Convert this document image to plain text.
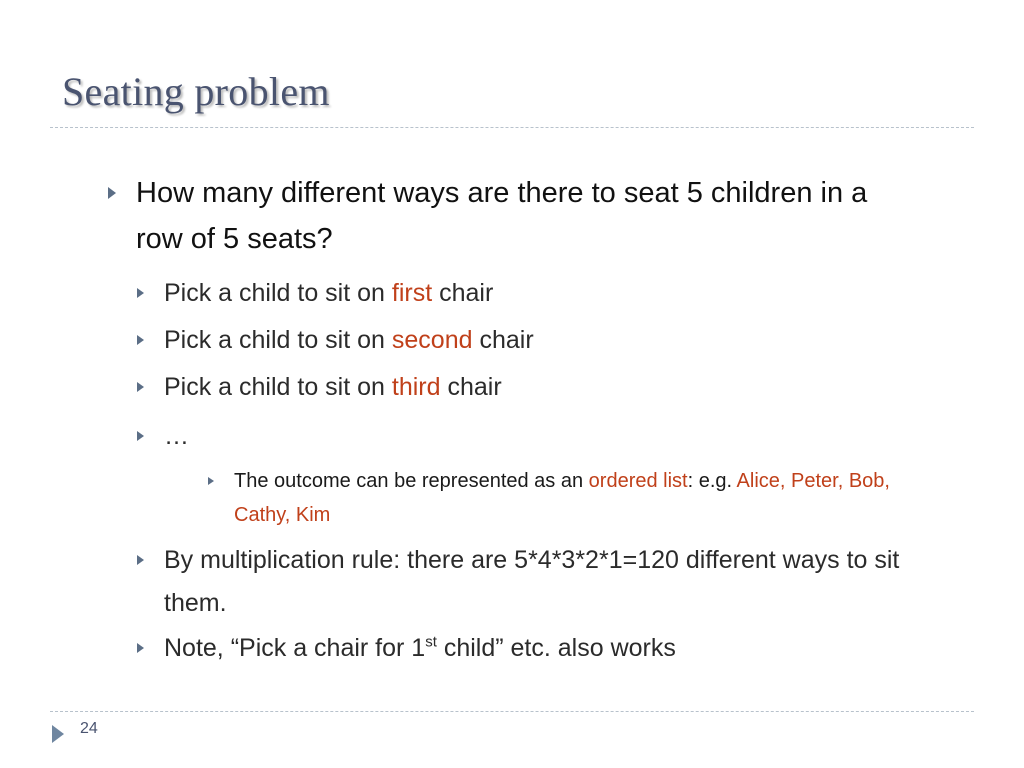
Seating problem
How many different ways are there to seat 5 children in a row of 5 seats?
Pick a child to sit on first chair
Pick a child to sit on second chair
Pick a child to sit on third chair
…
The outcome can be represented as an ordered list: e.g. Alice, Peter, Bob, Cathy, Kim
By multiplication rule: there are 5*4*3*2*1=120 different ways to sit them.
Note, “Pick a chair for 1st child” etc. also works
24
